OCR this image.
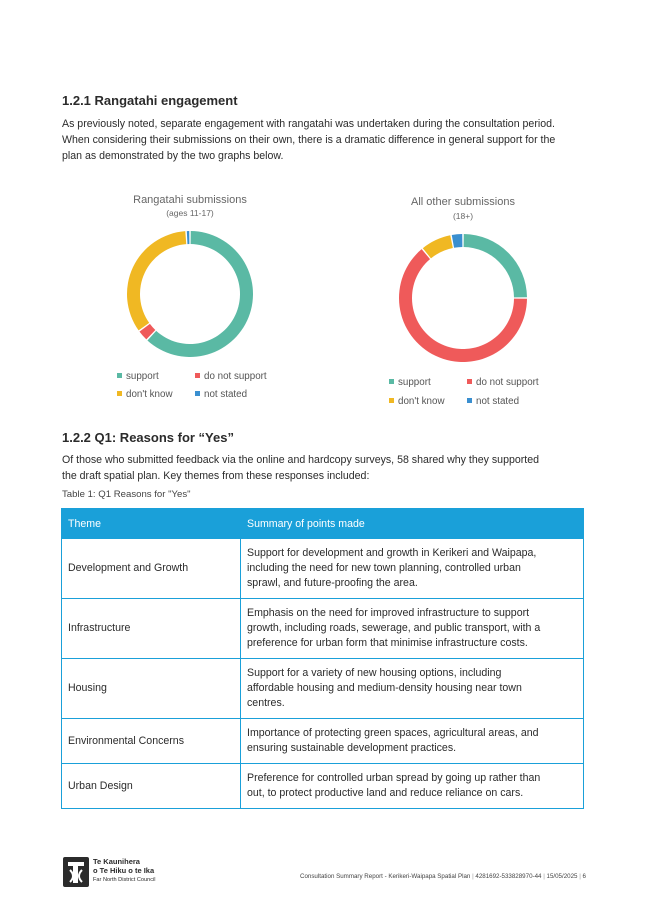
1.2.1 Rangatahi engagement
As previously noted, separate engagement with rangatahi was undertaken during the consultation period.
When considering their submissions on their own, there is a dramatic difference in general support for the
plan as demonstrated by the two graphs below.
Rangatahi submissions
(ages 11-17)
support	do not support
don't know	not stated
All other submissions
(18+)
support	do not support
don't know	not stated
1.2.2 Q1: Reasons for “Yes”
Of those who submitted feedback via the online and hardcopy surveys, 58 shared why they supported
the draft spatial plan. Key themes from these responses included:
Table 1: Q1 Reasons for "Yes"
Theme	Summary of points made
Development and Growth	Support for development and growth in Kerikeri and Waipapa,
including the need for new town planning, controlled urban
sprawl, and future-proofing the area.

Infrastructure	Emphasis on the need for improved infrastructure to support
growth, including roads, sewerage, and public transport, with a
preference for urban form that minimise infrastructure costs.

Housing	Support for a variety of new housing options, including
affordable housing and medium-density housing near town
centres.

Environmental Concerns	Importance of protecting green spaces, agricultural areas, and
ensuring sustainable development practices.

Urban Design	Preference for controlled urban spread by going up rather than
out, to protect productive land and reduce reliance on cars.
Te Kaunihera
o Te Hiku o te Ika
Far North District Council	Consultation Summary Report - Kerikeri-Waipapa Spatial Plan | 4281692-533828970-44 | 15/05/2025 | 6
